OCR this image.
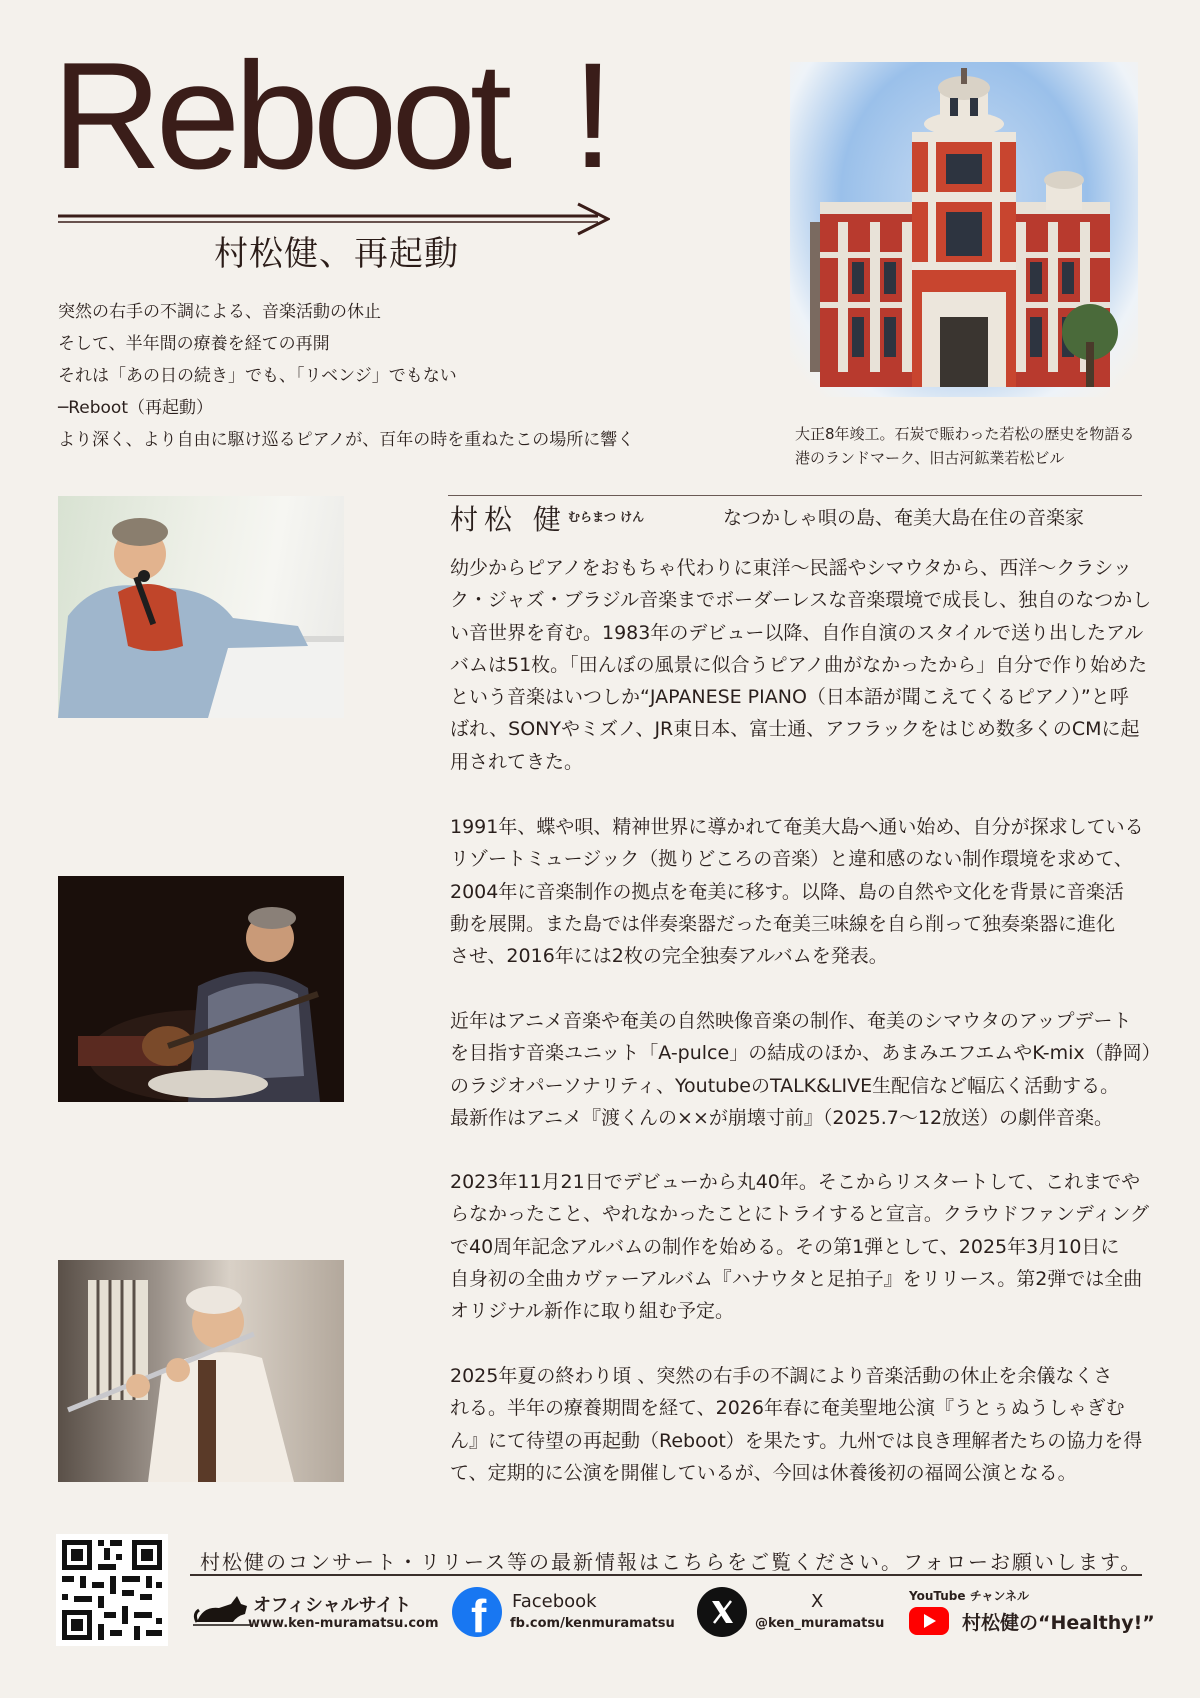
Reboot !
村松健、再起動
突然の右手の不調による、音楽活動の休止
そして、半年間の療養を経ての再開
それは「あの日の続き」でも、「リベンジ」でもない
─Reboot（再起動）
より深く、より自由に駆け巡るピアノが、百年の時を重ねたこの場所に響く	大正8年竣工。石炭で賑わった若松の歴史を物語る
港のランドマーク、旧古河鉱業若松ビル
村松 健 むらまつ けん	なつかしゃ唄の島、奄美大島在住の音楽家
幼少からピアノをおもちゃ代わりに東洋～民謡やシマウタから、西洋～クラシッ
ク・ジャズ・ブラジル音楽までボーダーレスな音楽環境で成長し、独自のなつかし
い音世界を育む。1983年のデビュー以降、自作自演のスタイルで送り出したアル
バムは51枚。「田んぼの風景に似合うピアノ曲がなかったから」自分で作り始めた
という音楽はいつしか“JAPANESE PIANO（日本語が聞こえてくるピアノ）”と呼
ばれ、SONYやミズノ、JR東日本、富士通、アフラックをはじめ数多くのCMに起
用されてきた。
1991年、蝶や唄、精神世界に導かれて奄美大島へ通い始め、自分が探求している
リゾートミュージック（拠りどころの音楽）と違和感のない制作環境を求めて、
2004年に音楽制作の拠点を奄美に移す。以降、島の自然や文化を背景に音楽活
動を展開。また島では伴奏楽器だった奄美三味線を自ら削って独奏楽器に進化
させ、2016年には2枚の完全独奏アルバムを発表。
近年はアニメ音楽や奄美の自然映像音楽の制作、奄美のシマウタのアップデート
を目指す音楽ユニット「A-pulce」の結成のほか、あまみエフエムやK-mix（静岡）
のラジオパーソナリティ、YoutubeのTALK&LIVE生配信など幅広く活動する。
最新作はアニメ『渡くんの××が崩壊寸前』（2025.7～12放送）の劇伴音楽。
2023年11月21日でデビューから丸40年。そこからリスタートして、これまでや
らなかったこと、やれなかったことにトライすると宣言。クラウドファンディング
で40周年記念アルバムの制作を始める。その第1弾として、2025年3月10日に
自身初の全曲カヴァーアルバム『ハナウタと足拍子』をリリース。第2弾では全曲
オリジナル新作に取り組む予定。
2025年夏の終わり頃 、突然の右手の不調により音楽活動の休止を余儀なくさ
れる。半年の療養期間を経て、2026年春に奄美聖地公演『うとぅぬうしゃぎむ
ん』にて待望の再起動（Reboot）を果たす。九州では良き理解者たちの協力を得
て、定期的に公演を開催しているが、今回は休養後初の福岡公演となる。
村松健のコンサート・リリース等の最新情報はこちらをご覧ください。フォローお願いします。
オフィシャルサイト
www.ken-muramatsu.com f Facebook
fb.com/kenmuramatsu
X
@ken_muramatsu
YouTube チャンネル
村松健の“Healthy!”
